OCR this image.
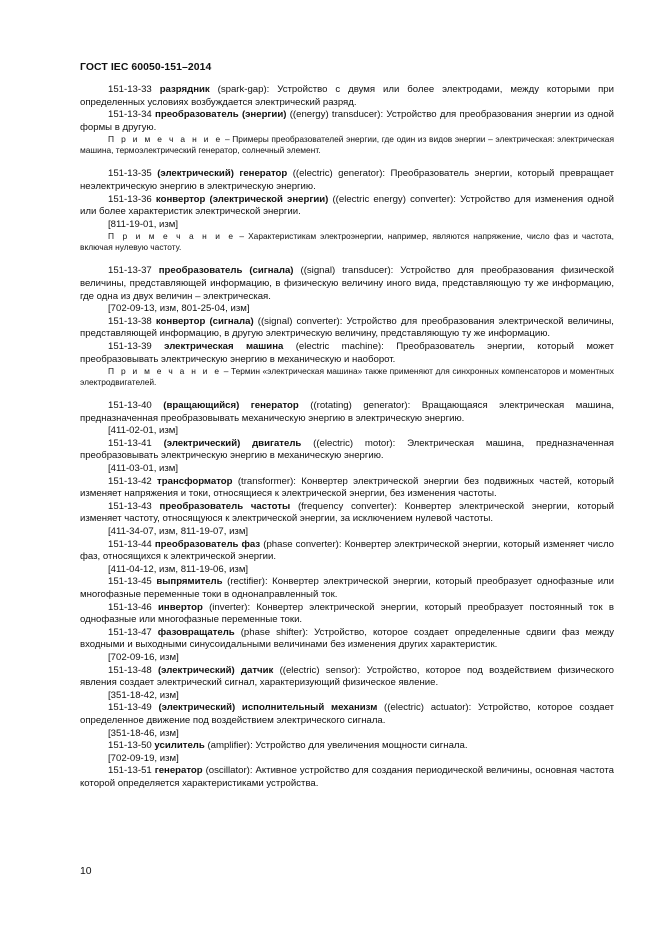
ГОСТ IEC 60050-151–2014

151-13-33 разрядник (spark-gap): Устройство с двумя или более электродами, между которыми при определенных условиях возбуждается электрический разряд.

151-13-34 преобразователь (энергии) ((energy) transducer): Устройство для преобразования энергии из одной формы в другую.

П р и м е ч а н и е – Примеры преобразователей энергии, где один из видов энергии – электрическая: электрическая машина, термоэлектрический генератор, солнечный элемент.

151-13-35 (электрический) генератор ((electric) generator): Преобразователь энергии, который превращает неэлектрическую энергию в электрическую энергию.

151-13-36 конвертор (электрической энергии) ((electric energy) converter): Устройство для изменения одной или более характеристик электрической энергии.

[811-19-01, изм]

П р и м е ч а н и е – Характеристикам электроэнергии, например, являются напряжение, число фаз и частота, включая нулевую частоту.

151-13-37 преобразователь (сигнала) ((signal) transducer): Устройство для преобразования физической величины, представляющей информацию, в физическую величину иного вида, представляющую ту же информацию, где одна из двух величин – электрическая.

[702-09-13, изм, 801-25-04, изм]

151-13-38 конвертор (сигнала) ((signal) converter): Устройство для преобразования электрической величины, представляющей информацию, в другую электрическую величину, представляющую ту же информацию.

151-13-39 электрическая машина (electric machine): Преобразователь энергии, который может преобразовывать электрическую энергию в механическую и наоборот.

П р и м е ч а н и е – Термин «электрическая машина» также применяют для синхронных компенсаторов и моментных электродвигателей.

151-13-40 (вращающийся) генератор ((rotating) generator): Вращающаяся электрическая машина, предназначенная преобразовывать механическую энергию в электрическую энергию.

[411-02-01, изм]

151-13-41 (электрический) двигатель ((electric) motor): Электрическая машина, предназначенная преобразовывать электрическую энергию в механическую энергию.

[411-03-01, изм]

151-13-42 трансформатор (transformer): Конвертер электрической энергии без подвижных частей, который изменяет напряжения и токи, относящиеся к электрической энергии, без изменения частоты.

151-13-43 преобразователь частоты (frequency converter): Конвертер электрической энергии, который изменяет частоту, относящуюся к электрической энергии, за исключением нулевой частоты.

[411-34-07, изм, 811-19-07, изм]

151-13-44 преобразователь фаз (phase converter): Конвертер электрической энергии, который изменяет число фаз, относящихся к электрической энергии.

[411-04-12, изм, 811-19-06, изм]

151-13-45 выпрямитель (rectifier): Конвертер электрической энергии, который преобразует однофазные или многофазные переменные токи в однонаправленный ток.

151-13-46 инвертор (inverter): Конвертер электрической энергии, который преобразует постоянный ток в однофазные или многофазные переменные токи.

151-13-47 фазовращатель (phase shifter): Устройство, которое создает определенные сдвиги фаз между входными и выходными синусоидальными величинами без изменения других характеристик.

[702-09-16, изм]

151-13-48 (электрический) датчик ((electric) sensor): Устройство, которое под воздействием физического явления создает электрический сигнал, характеризующий физическое явление.

[351-18-42, изм]

151-13-49 (электрический) исполнительный механизм ((electric) actuator): Устройство, которое создает определенное движение под воздействием электрического сигнала.

[351-18-46, изм]

151-13-50 усилитель (amplifier): Устройство для увеличения мощности сигнала.

[702-09-19, изм]

151-13-51 генератор (oscillator): Активное устройство для создания периодической величины, основная частота которой определяется характеристиками устройства.

10
